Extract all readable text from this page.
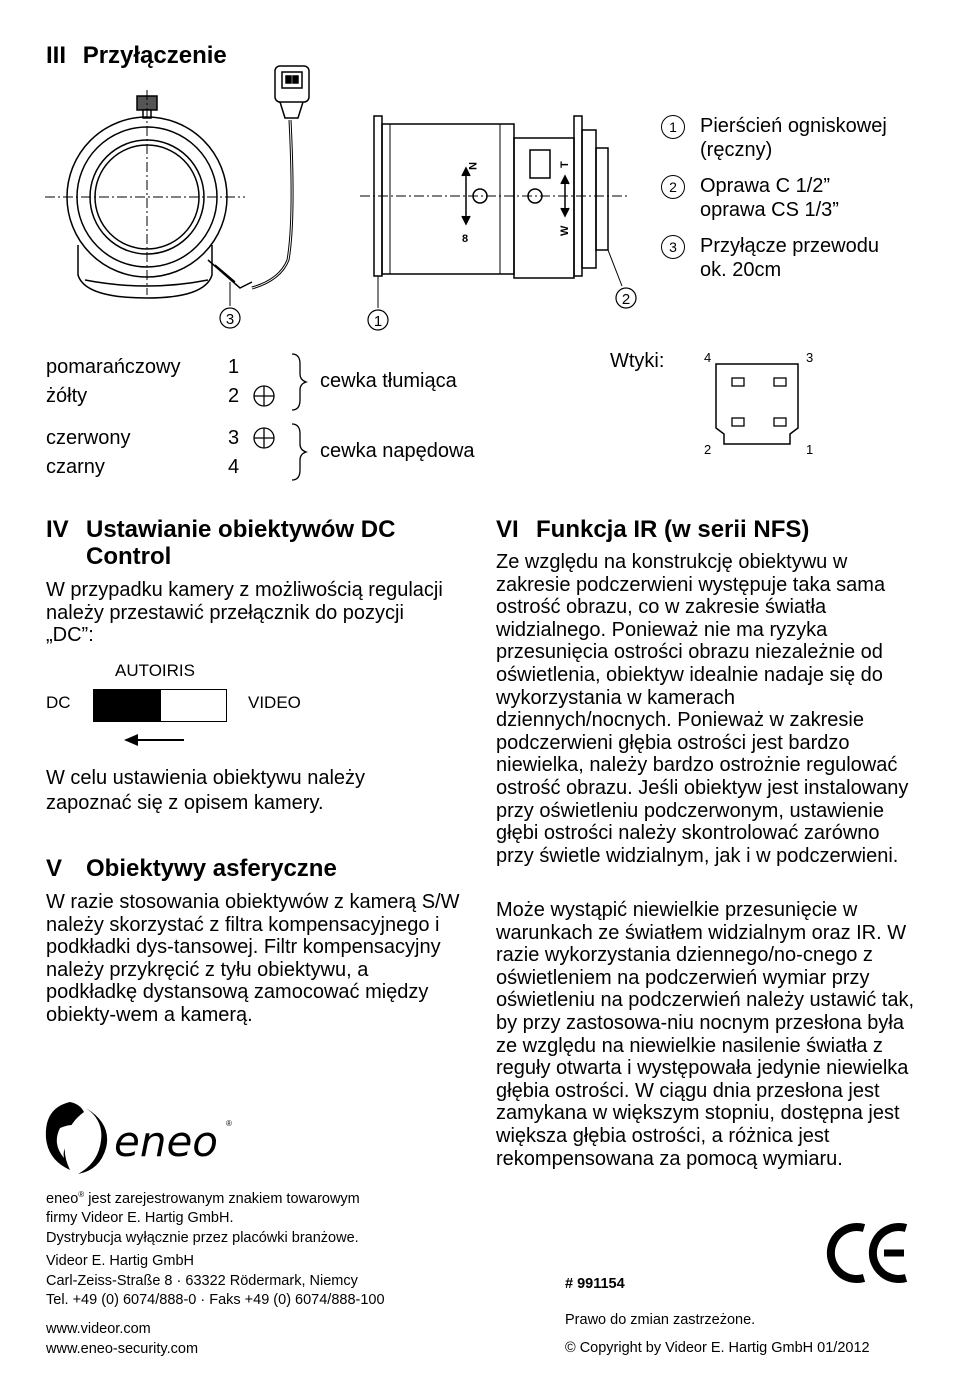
III Przyłączenie
3
N
8
T
W
1
2
1	Pierścień ogniskowej (ręczny)
2	Oprawa C 1/2” oprawa CS 1/3”
3	Przyłącze przewodu ok. 20cm
pomarańczowy 1
żółty	2
czerwony	3
czarny	4
cewka tłumiąca
cewka napędowa
Wtyki:	4	3
2	1
IV Ustawianie obiektywów DC
Control

W przypadku kamery z możliwością regulacji należy przestawić przełącznik do pozycji „DC”:

AUTOIRIS
DC	VIDEO

W celu ustawienia obiektywu należy zapoznać się z opisem kamery.

V Obiektywy asferyczne

W razie stosowania obiektywów z kamerą S/W należy skorzystać z filtra kompensacyjnego i podkładki dys-tansowej. Filtr kompensacyjny należy przykręcić z tyłu obiektywu, a podkładkę dystansową zamocować między obiekty-wem a kamerą.

VI Funkcja IR (w serii NFS)

Ze względu na konstrukcję obiektywu w zakresie podczerwieni występuje taka sama ostrość obrazu, co w zakresie światła widzialnego. Ponieważ nie ma ryzyka przesunięcia ostrości obrazu niezależnie od oświetlenia, obiektyw idealnie nadaje się do wykorzystania w kamerach dziennych/nocnych. Ponieważ w zakresie podczerwieni głębia ostrości jest bardzo niewielka, należy bardzo ostrożnie regulować ostrość obrazu. Jeśli obiektyw jest instalowany przy oświetleniu podczerwonym, ustawienie głębi ostrości należy skontrolować zarówno przy świetle widzialnym, jak i w podczerwieni.

Może wystąpić niewielkie przesunięcie w warunkach ze światłem widzialnym oraz IR. W razie wykorzystania dziennego/no-cnego z oświetleniem na podczerwień wymiar przy oświetleniu na podczerwień należy ustawić tak, by przy zastosowa-niu nocnym przesłona była ze względu na niewielkie nasilenie światła z reguły otwarta i występowała jedynie niewielka głębia ostrości. W ciągu dnia przesłona jest zamykana w większym stopniu, dostępna jest większa głębia ostrości, a różnica jest rekompensowana za pomocą wymiaru.

eneo ®
eneo® jest zarejestrowanym znakiem towarowym
firmy Videor E. Hartig GmbH.
Dystrybucja wyłącznie przez placówki branżowe.
Videor E. Hartig GmbH
Carl-Zeiss-Straße 8 · 63322 Rödermark, Niemcy
Tel. +49 (0) 6074/888-0 · Faks +49 (0) 6074/888-100
www.videor.com
www.eneo-security.com
# 991154
Prawo do zmian zastrzeżone.
© Copyright by Videor E. Hartig GmbH 01/2012
